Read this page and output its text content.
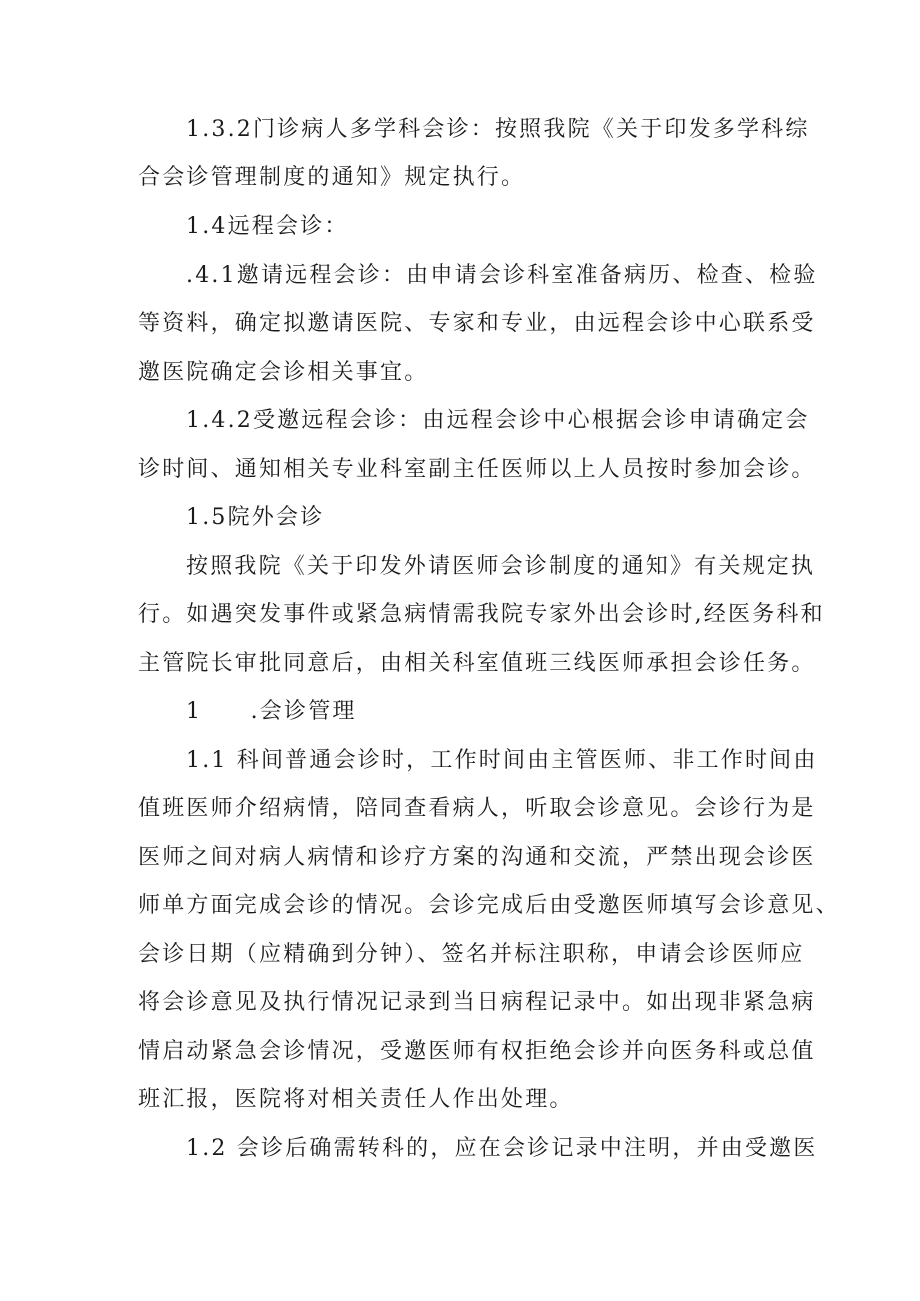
1.3.2门诊病人多学科会诊：按照我院《关于印发多学科综
合会诊管理制度的通知》规定执行。
1.4远程会诊：
.4.1邀请远程会诊：由申请会诊科室准备病历、检查、检验
等资料，确定拟邀请医院、专家和专业，由远程会诊中心联系受
邀医院确定会诊相关事宜。
1.4.2受邀远程会诊：由远程会诊中心根据会诊申请确定会
诊时间、通知相关专业科室副主任医师以上人员按时参加会诊。
1.5院外会诊
按照我院《关于印发外请医师会诊制度的通知》有关规定执
行。如遇突发事件或紧急病情需我院专家外出会诊时,经医务科和
主管院长审批同意后，由相关科室值班三线医师承担会诊任务。
1　　.会诊管理
1.1 科间普通会诊时，工作时间由主管医师、非工作时间由
值班医师介绍病情，陪同查看病人，听取会诊意见。会诊行为是
医师之间对病人病情和诊疗方案的沟通和交流，严禁出现会诊医
师单方面完成会诊的情况。会诊完成后由受邀医师填写会诊意见、
会诊日期（应精确到分钟）、签名并标注职称，申请会诊医师应
将会诊意见及执行情况记录到当日病程记录中。如出现非紧急病
情启动紧急会诊情况，受邀医师有权拒绝会诊并向医务科或总值
班汇报，医院将对相关责任人作出处理。
1.2 会诊后确需转科的，应在会诊记录中注明，并由受邀医
